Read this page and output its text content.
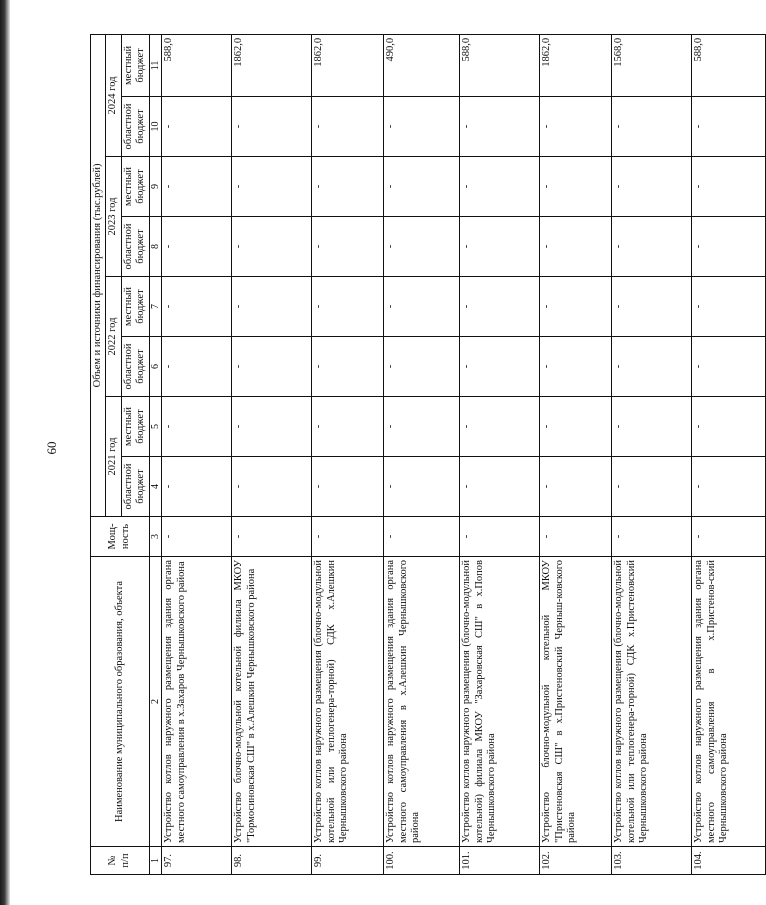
60
№ п/п	Наименование муниципального образования, объекта	Мощ-ность	Объем и источники финансирования (тыс.рублей)							
			2021 год		2022 год		2023 год		2024 год	
			областной бюджет	местный бюджет	областной бюджет	местный бюджет	областной бюджет	местный бюджет	областной бюджет	местный бюджет
1	2	3	4	5	6	7	8	9	10	11
97.	Устройство котлов наружного размещения здания органа местного самоуправления в х.Захаров Чернышковского района	-	-	-	-	-	-	-	-	588,0
98.	Устройство блочно-модульной котельной филиала МКОУ "Тормосиновская СШ" в х.Алешкин Чернышковского района	-	-	-	-	-	-	-	-	1862,0
99.	Устройство котлов наружного размещения (блочно-модульной котельной или теплогенера-торной) СДК х.Алешкин Чернышковского района	-	-	-	-	-	-	-	-	1862,0
100.	Устройство котлов наружного размещения здания органа местного самоуправления в х.Алешкин Чернышковского района	-	-	-	-	-	-	-	-	490,0
101.	Устройство котлов наружного размещения (блочно-модульной котельной) филиала МКОУ "Захаровская СШ" в х.Попов Чернышковского района	-	-	-	-	-	-	-	-	588,0
102.	Устройство блочно-модульной котельной МКОУ "Пристеновская СШ" в х.Пристеновский Черныш-ковского района	-	-	-	-	-	-	-	-	1862,0
103.	Устройство котлов наружного размещения (блочно-модульной котельной или теплогенера-торной) СДК х.Пристеновский Чернышковского района	-	-	-	-	-	-	-	-	1568,0
104.	Устройство котлов наружного размещения здания органа местного самоуправления в х.Пристенов-ский Чернышковского района	-	-	-	-	-	-	-	-	588,0
